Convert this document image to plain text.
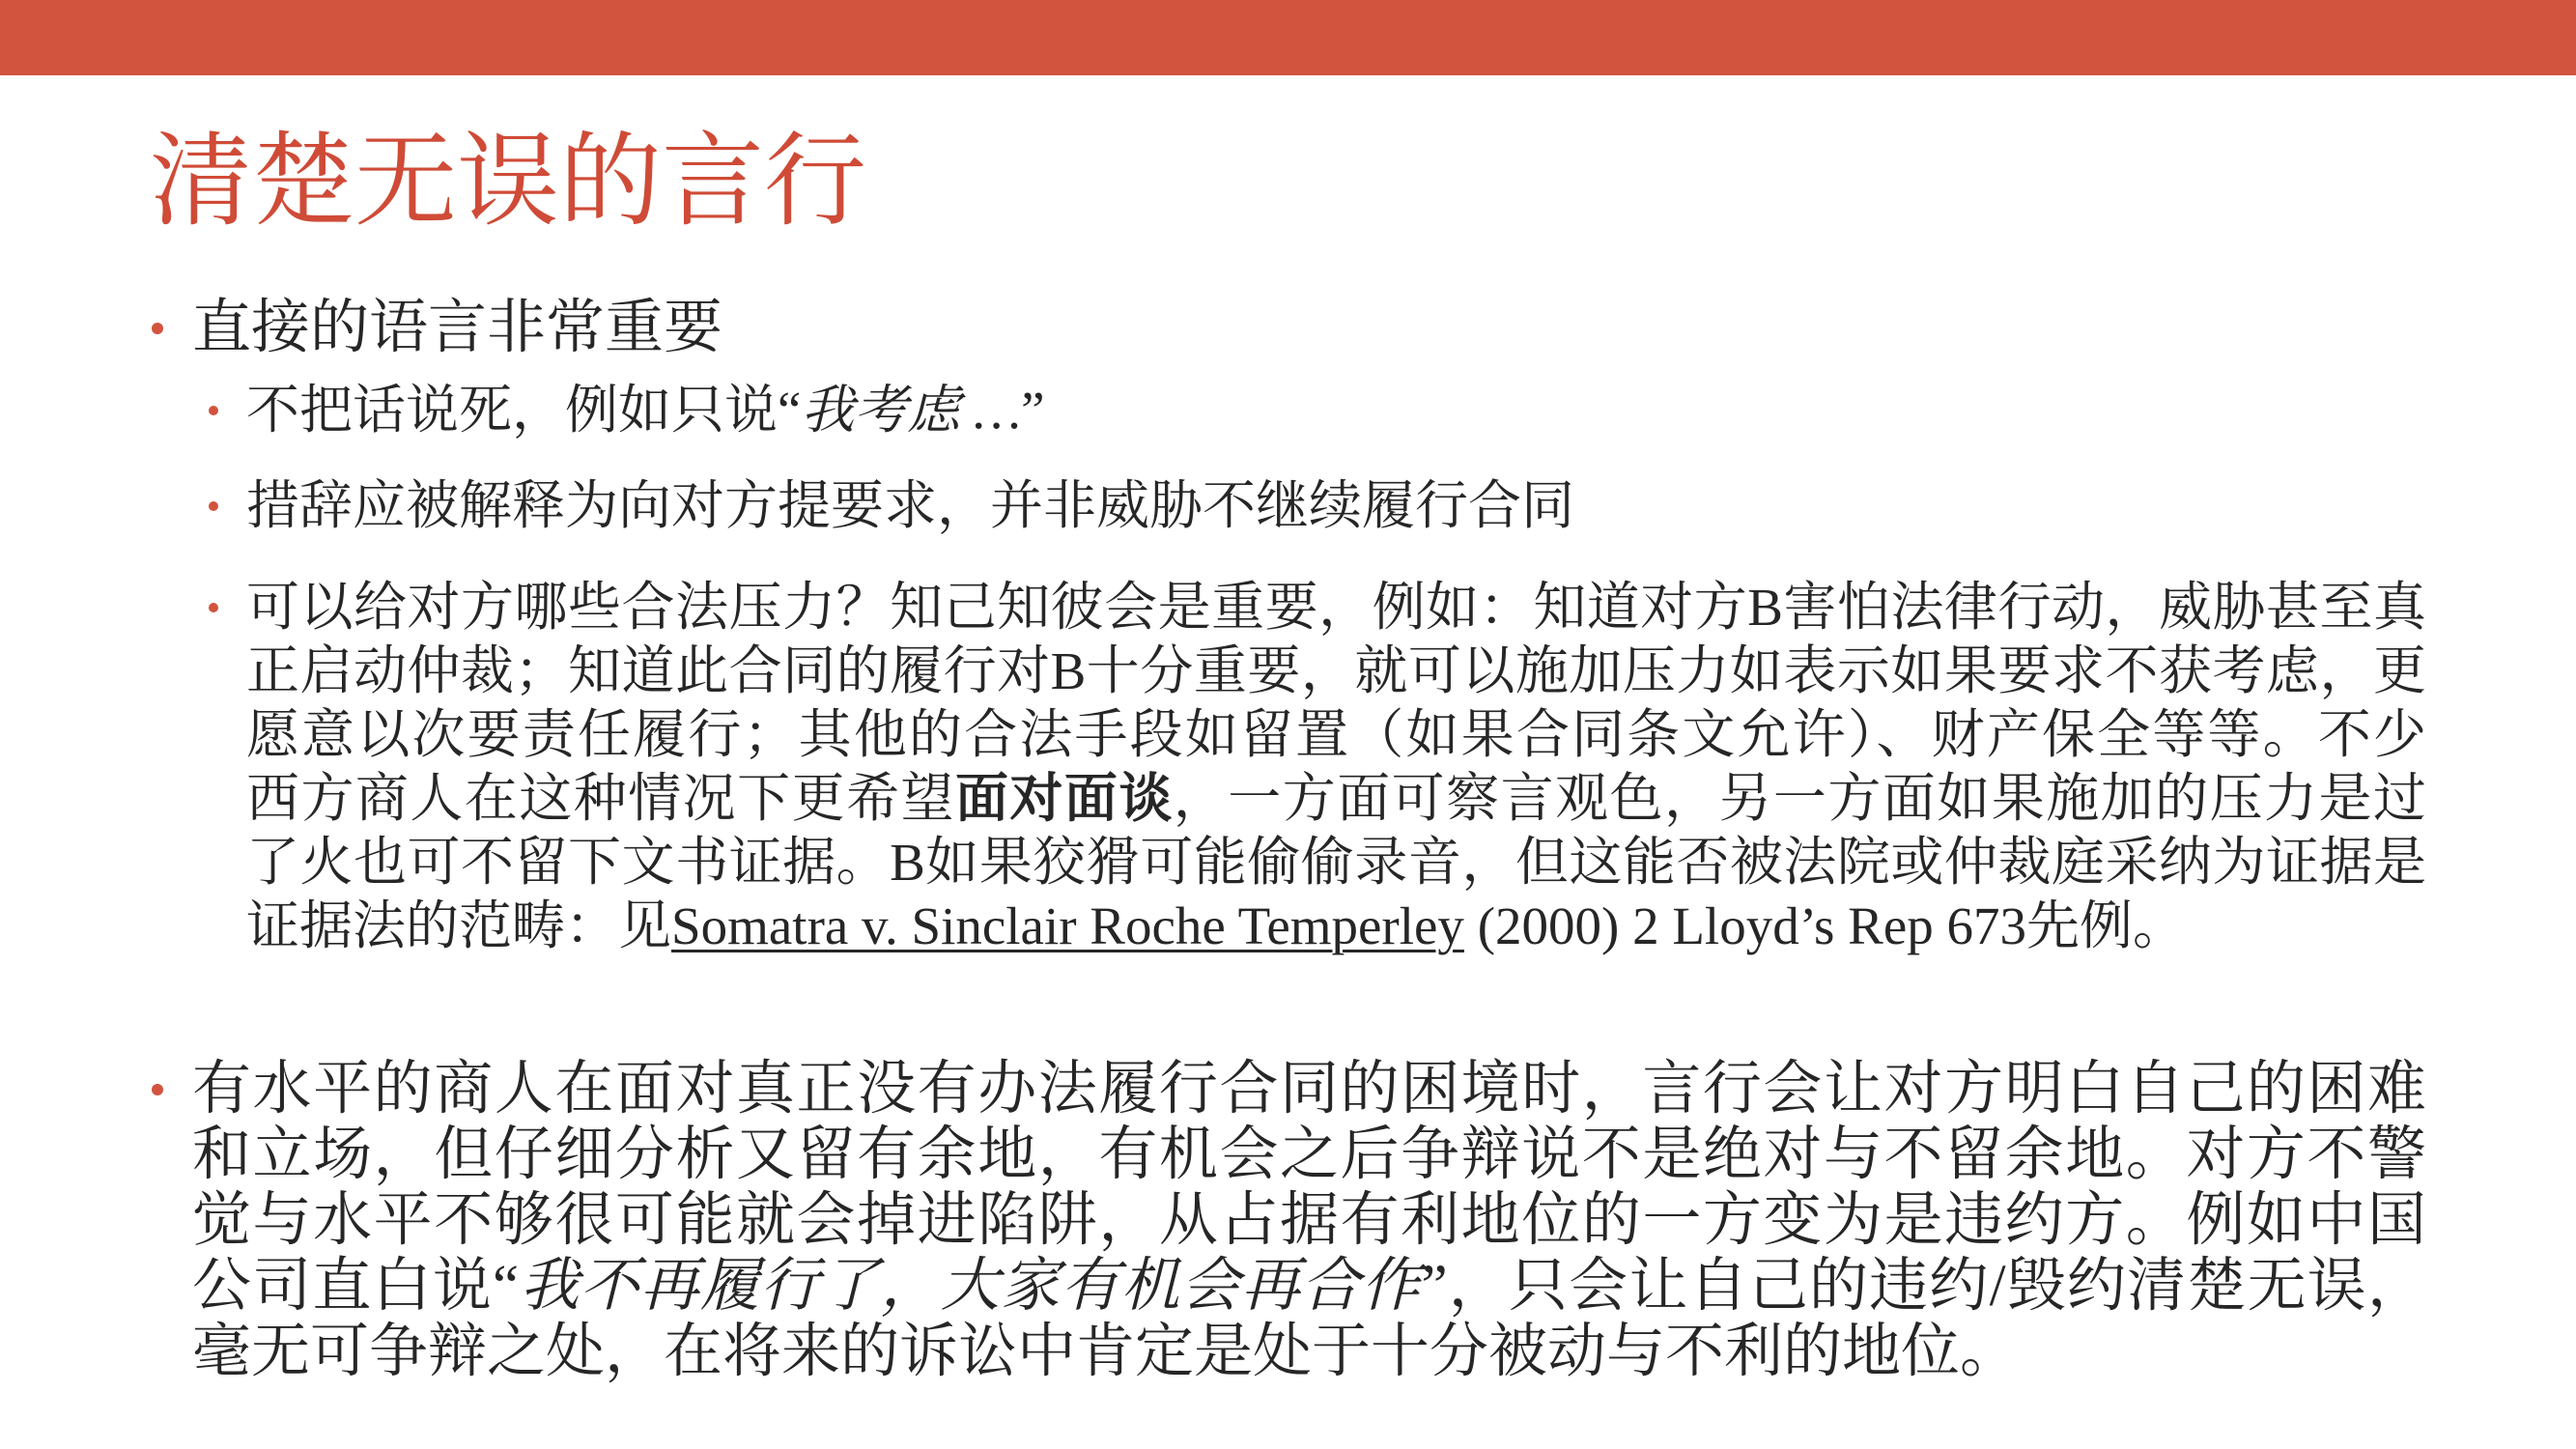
清楚无误的言行
直接的语言非常重要
不把话说死，例如只说“我考虑 …”
措辞应被解释为向对方提要求，并非威胁不继续履行合同
可以给对方哪些合法压力？知己知彼会是重要，例如：知道对方B害怕法律行动，威胁甚至真
正启动仲裁；知道此合同的履行对B十分重要，就可以施加压力如表示如果要求不获考虑，更
愿意以次要责任履行；其他的合法手段如留置（如果合同条文允许）、财产保全等等。不少
西方商人在这种情况下更希望面对面谈，一方面可察言观色，另一方面如果施加的压力是过
了火也可不留下文书证据。B如果狡猾可能偷偷录音，但这能否被法院或仲裁庭采纳为证据是
证据法的范畴：见Somatra v. Sinclair Roche Temperley (2000) 2 Lloyd’s Rep 673先例。
有水平的商人在面对真正没有办法履行合同的困境时，言行会让对方明白自己的困难
和立场，但仔细分析又留有余地，有机会之后争辩说不是绝对与不留余地。对方不警
觉与水平不够很可能就会掉进陷阱，从占据有利地位的一方变为是违约方。例如中国
公司直白说“我不再履行了，大家有机会再合作”，只会让自己的违约/毁约清楚无误，
毫无可争辩之处，在将来的诉讼中肯定是处于十分被动与不利的地位。
